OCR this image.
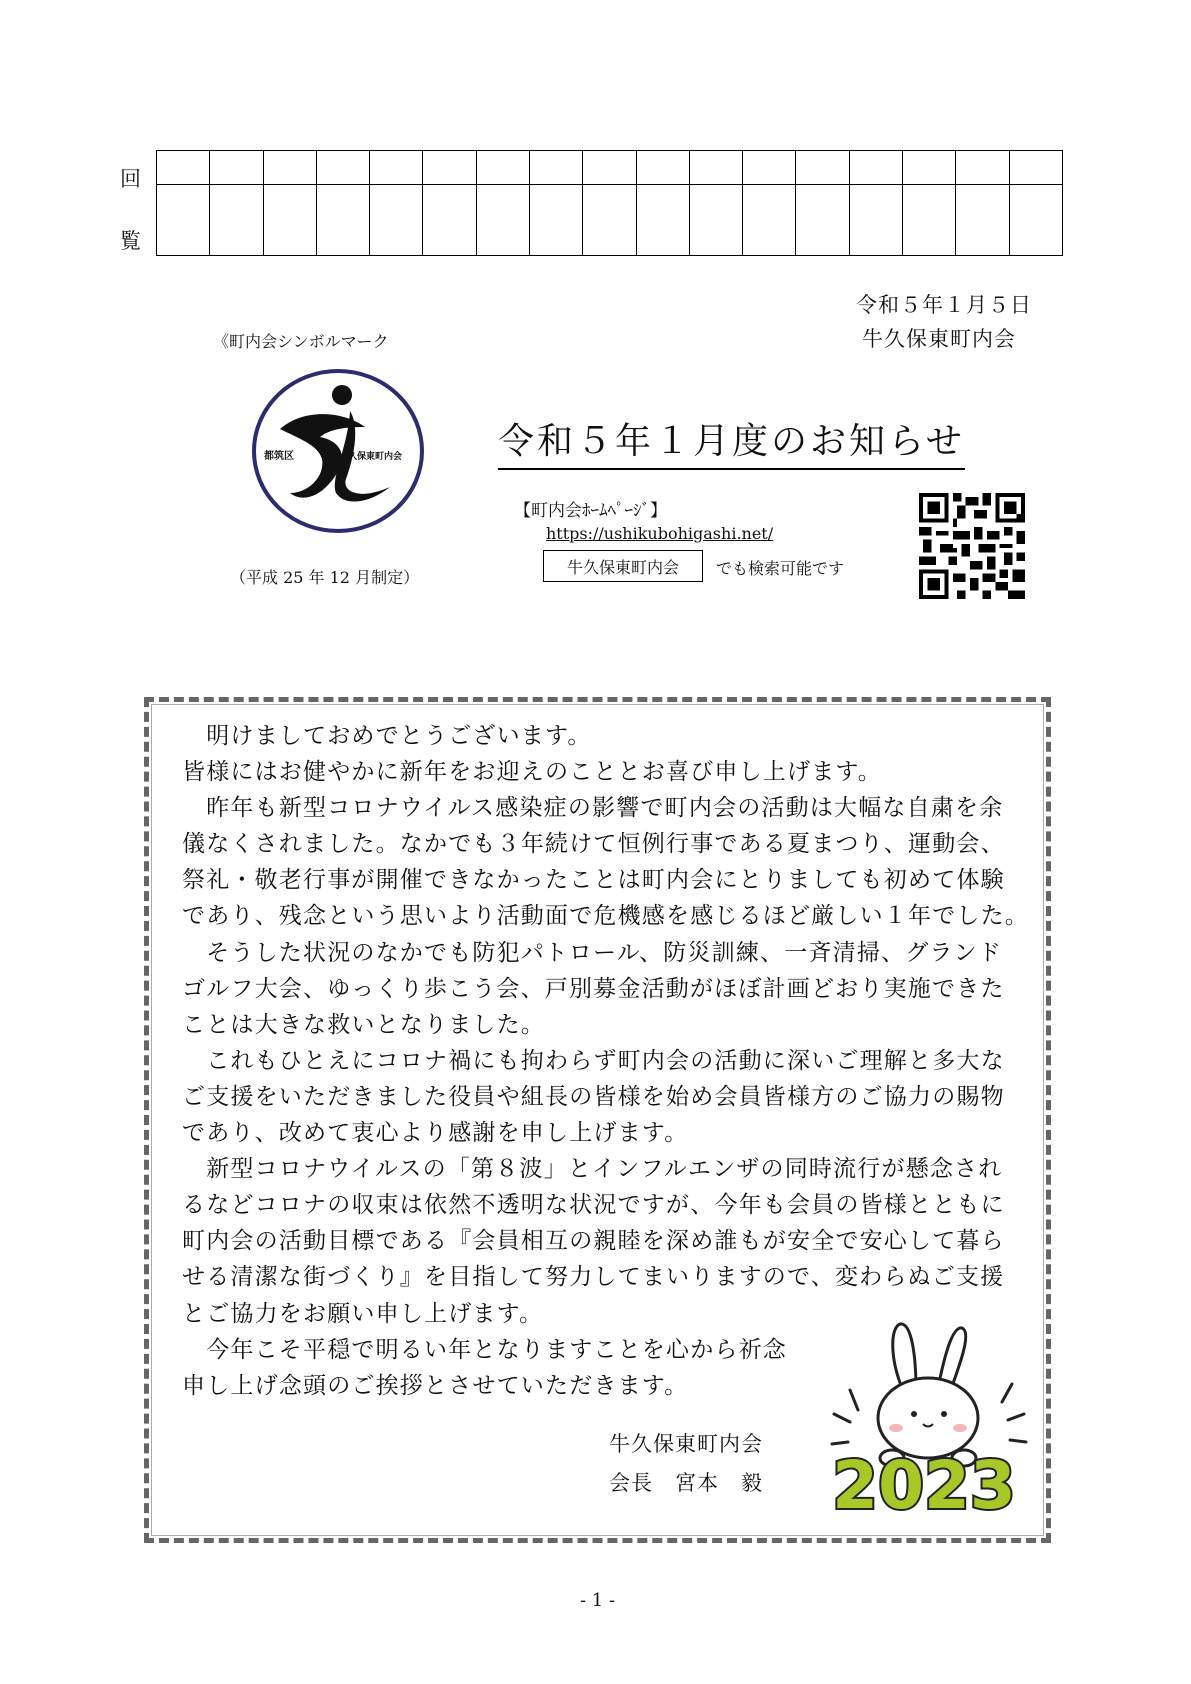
回
覧

令和５年１月５日
牛久保東町内会
《町内会シンボルマーク
都筑区	久保東町内会
（平成 25 年 12 月制定）
令和５年１月度のお知らせ
【町内会ﾎｰﾑﾍﾟｰｼﾞ】
https://ushikubohigashi.net/
牛久保東町内会 でも検索可能です
　明けましておめでとうございます。
皆様にはお健やかに新年をお迎えのこととお喜び申し上げます。
　昨年も新型コロナウイルス感染症の影響で町内会の活動は大幅な自粛を余
儀なくされました。なかでも３年続けて恒例行事である夏まつり、運動会、
祭礼・敬老行事が開催できなかったことは町内会にとりましても初めて体験
であり、残念という思いより活動面で危機感を感じるほど厳しい１年でした。
　そうした状況のなかでも防犯パトロール、防災訓練、一斉清掃、グランド
ゴルフ大会、ゆっくり歩こう会、戸別募金活動がほぼ計画どおり実施できた
ことは大きな救いとなりました。
　これもひとえにコロナ禍にも拘わらず町内会の活動に深いご理解と多大な
ご支援をいただきました役員や組長の皆様を始め会員皆様方のご協力の賜物
であり、改めて衷心より感謝を申し上げます。
　新型コロナウイルスの「第８波」とインフルエンザの同時流行が懸念され
るなどコロナの収束は依然不透明な状況ですが、今年も会員の皆様とともに
町内会の活動目標である『会員相互の親睦を深め誰もが安全で安心して暮ら
せる清潔な街づくり』を目指して努力してまいりますので、変わらぬご支援
とご協力をお願い申し上げます。
　今年こそ平穏で明るい年となりますことを心から祈念
申し上げ念頭のご挨拶とさせていただきます。
牛久保東町内会
会長　宮本　毅 2023
- 1 -
